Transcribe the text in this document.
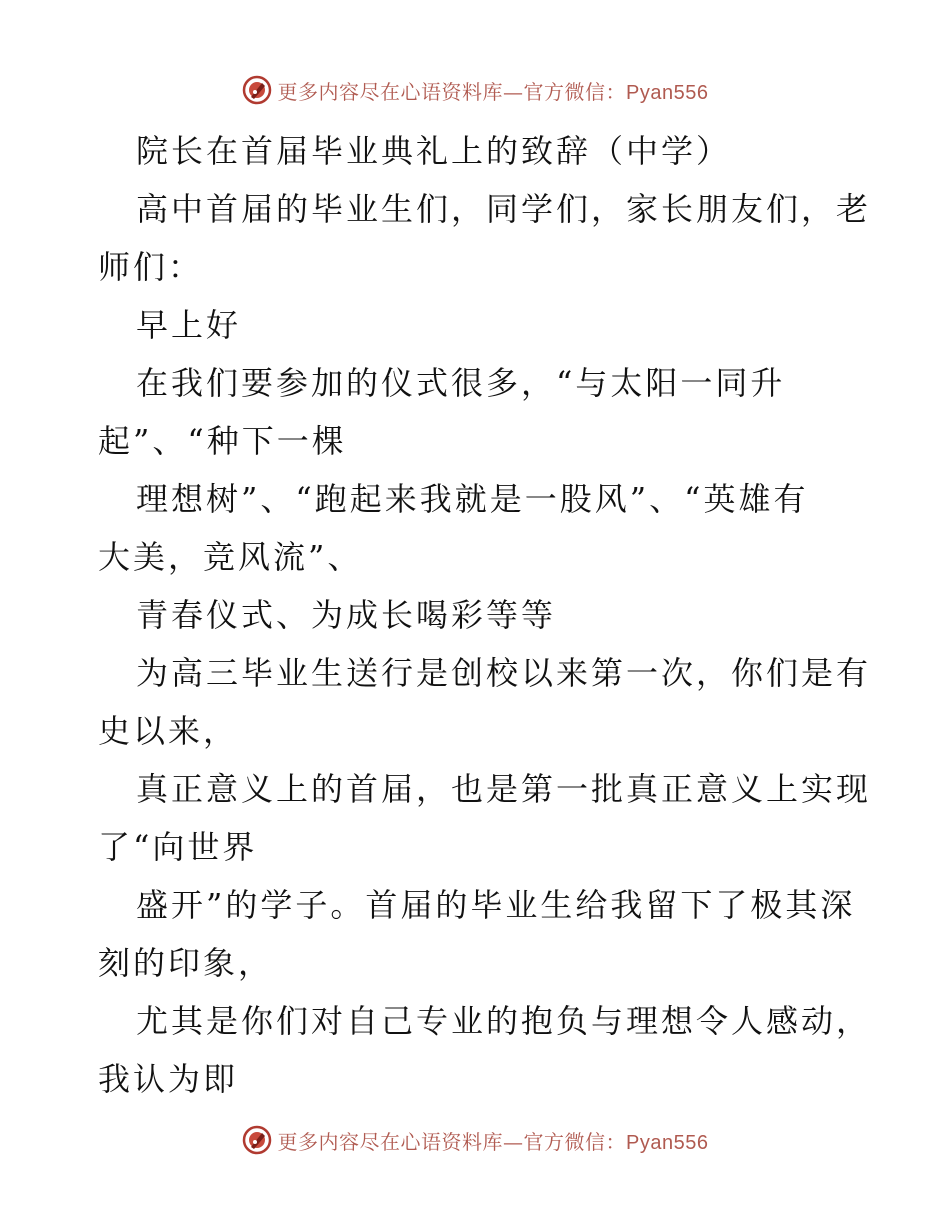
更多内容尽在心语资料库—官方微信：Pyan556
院长在首届毕业典礼上的致辞（中学）
高中首届的毕业生们，同学们，家长朋友们，老
师们：
早上好
在我们要参加的仪式很多，“与太阳一同升
起”、“种下一棵
理想树”、“跑起来我就是一股风”、“英雄有
大美，竞风流”、
青春仪式、为成长喝彩等等
为高三毕业生送行是创校以来第一次，你们是有
史以来，
真正意义上的首届，也是第一批真正意义上实现
了“向世界
盛开”的学子。首届的毕业生给我留下了极其深
刻的印象，
尤其是你们对自己专业的抱负与理想令人感动，
我认为即
更多内容尽在心语资料库—官方微信：Pyan556
